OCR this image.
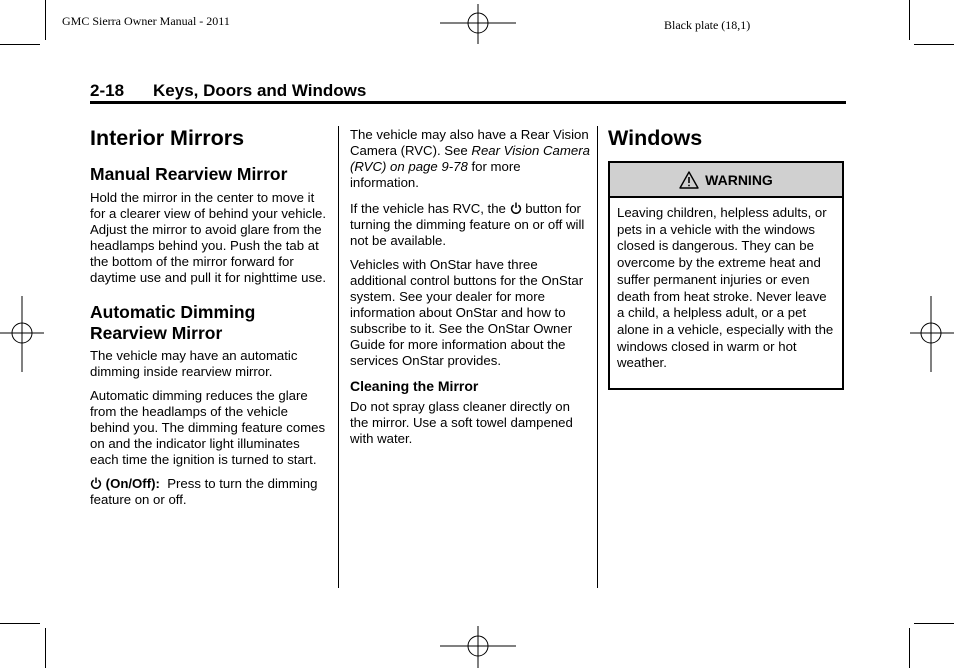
GMC Sierra Owner Manual - 2011	Black plate (18,1)
2-18 Keys, Doors and Windows
Interior Mirrors
Manual Rearview Mirror

Hold the mirror in the center to move it for a clearer view of behind your vehicle. Adjust the mirror to avoid glare from the headlamps behind you. Push the tab at the bottom of the mirror forward for daytime use and pull it for nighttime use.

Automatic Dimming
Rearview Mirror

The vehicle may have an automatic dimming inside rearview mirror.

Automatic dimming reduces the glare from the headlamps of the vehicle behind you. The dimming feature comes on and the indicator light illuminates each time the ignition is turned to start.

(On/Off): Press to turn the dimming feature on or off.

The vehicle may also have a Rear Vision Camera (RVC). See Rear Vision Camera (RVC) on page 9-78 for more information.

If the vehicle has RVC, the  button for turning the dimming feature on or off will not be available.

Vehicles with OnStar have three additional control buttons for the OnStar system. See your dealer for more information about OnStar and how to subscribe to it. See the OnStar Owner Guide for more information about the services OnStar provides.

Cleaning the Mirror

Do not spray glass cleaner directly on the mirror. Use a soft towel dampened with water.

Windows
WARNING
Leaving children, helpless adults, or pets in a vehicle with the windows closed is dangerous. They can be overcome by the extreme heat and suffer permanent injuries or even death from heat stroke. Never leave a child, a helpless adult, or a pet alone in a vehicle, especially with the windows closed in warm or hot weather.
